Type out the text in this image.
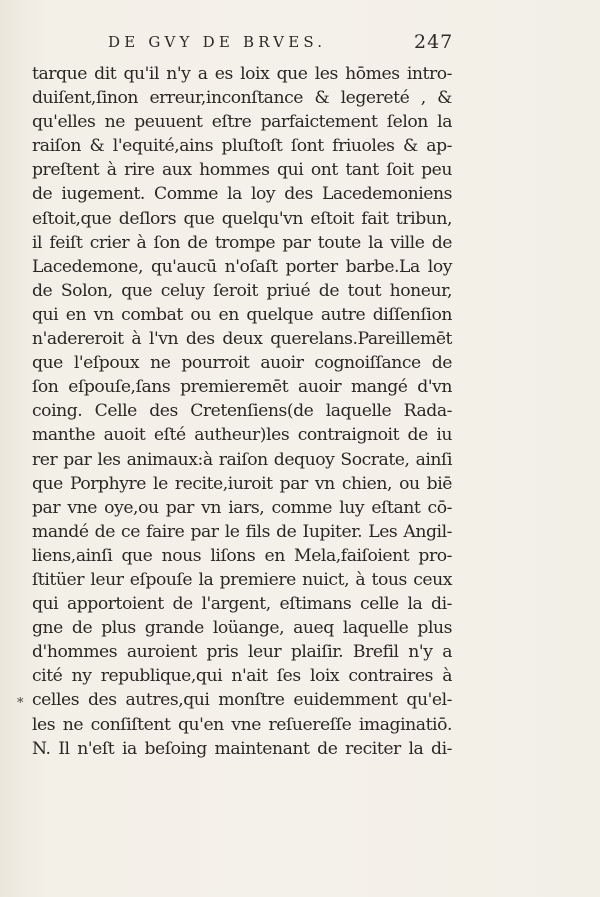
DE GVY DE BRVES.	247
*
tarque dit qu'il n'y a es loix que les hōmes intro-
duiſent,ſinon erreur,inconſtance & legereté , &
qu'elles ne peuuent eſtre parfaictement ſelon la
raiſon & l'equité,ains pluſtoſt ſont friuoles & ap-
preſtent à rire aux hommes qui ont tant ſoit peu
de iugement. Comme la loy des Lacedemoniens
eſtoit,que deſlors que quelqu'vn eſtoit fait tribun,
il feiſt crier à ſon de trompe par toute la ville de
Lacedemone, qu'aucū n'oſaſt porter barbe.La loy
de Solon, que celuy ſeroit priué de tout honeur,
qui en vn combat ou en quelque autre diſſenſion
n'adereroit à l'vn des deux querelans.Pareillemēt
que l'eſpoux ne pourroit auoir cognoiſſance de
ſon eſpouſe,ſans premieremēt auoir mangé d'vn
coing. Celle des Cretenſiens(de laquelle Rada-
manthe auoit eſté autheur)les contraignoit de iu
rer par les animaux:à raiſon dequoy Socrate, ainſi
que Porphyre le recite,iuroit par vn chien, ou biē
par vne oye,ou par vn iars, comme luy eſtant cō-
mandé de ce faire par le fils de Iupiter. Les Angil-
liens,ainſi que nous liſons en Mela,faiſoient pro-
ſtitüer leur eſpouſe la premiere nuict, à tous ceux
qui apportoient de l'argent, eſtimans celle la di-
gne de plus grande loüange, aueq laquelle plus
d'hommes auroient pris leur plaiſir. Brefil n'y a
cité ny republique,qui n'ait ſes loix contraires à
celles des autres,qui monſtre euidemment qu'el-
les ne conſiſtent qu'en vne reſuereſſe imaginatiō.
N. Il n'eſt ia beſoing maintenant de reciter la di-
